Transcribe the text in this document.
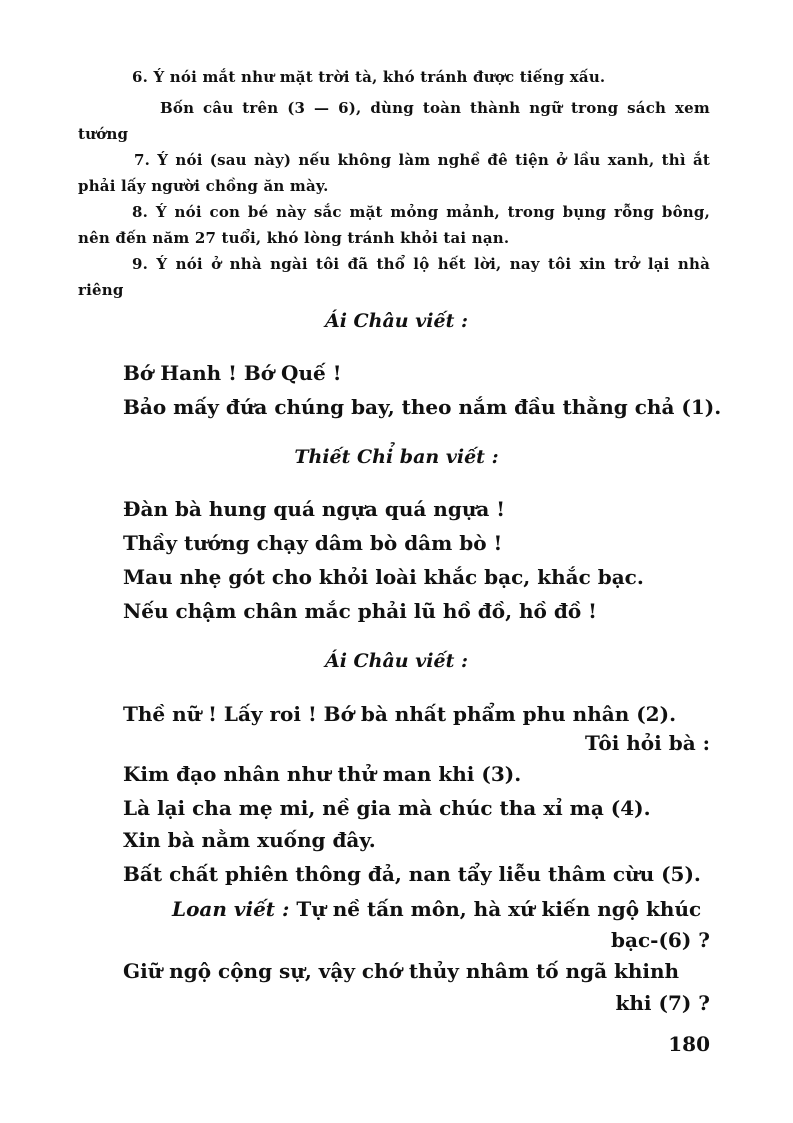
6. Ý nói mắt như mặt trời tà, khó tránh được tiếng xấu.
Bốn câu trên (3 — 6), dùng toàn thành ngữ trong sách xem tướng
7. Ý nói (sau này) nếu không làm nghề đê tiện ở lầu xanh, thì ắt phải lấy người chồng ăn mày.
8. Ý nói con bé này sắc mặt mỏng mảnh, trong bụng rỗng bông, nên đến năm 27 tuổi, khó lòng tránh khỏi tai nạn.
9. Ý nói ở nhà ngài tôi đã thổ lộ hết lời, nay tôi xin trở lại nhà riêng
Ái Châu viết :
Bớ Hanh ! Bớ Quế !
Bảo mấy đứa chúng bay, theo nắm đầu thằng chả (1).
Thiết Chỉ ban viết :
Đàn bà hung quá ngựa quá ngựa !
Thầy tướng chạy dâm bò dâm bò !
Mau nhẹ gót cho khỏi loài khắc bạc, khắc bạc.
Nếu chậm chân mắc phải lũ hồ đồ, hồ đồ !
Ái Châu viết :
Thề nữ ! Lấy roi ! Bớ bà nhất phẩm phu nhân (2).
Tôi hỏi bà :
Kim đạo nhân như thử man khi (3).
Là lại cha mẹ mi, nề gia mà chúc tha xỉ mạ (4).
Xin bà nằm xuống đây.
Bất chất phiên thông đả, nan tẩy liễu thâm cừu (5).
Loan viết : Tự nề tấn môn, hà xứ kiến ngộ khúc
bạc-(6) ?
Giữ ngộ cộng sự, vậy chớ thủy nhâm tố ngã khinh
khi (7) ?
180
